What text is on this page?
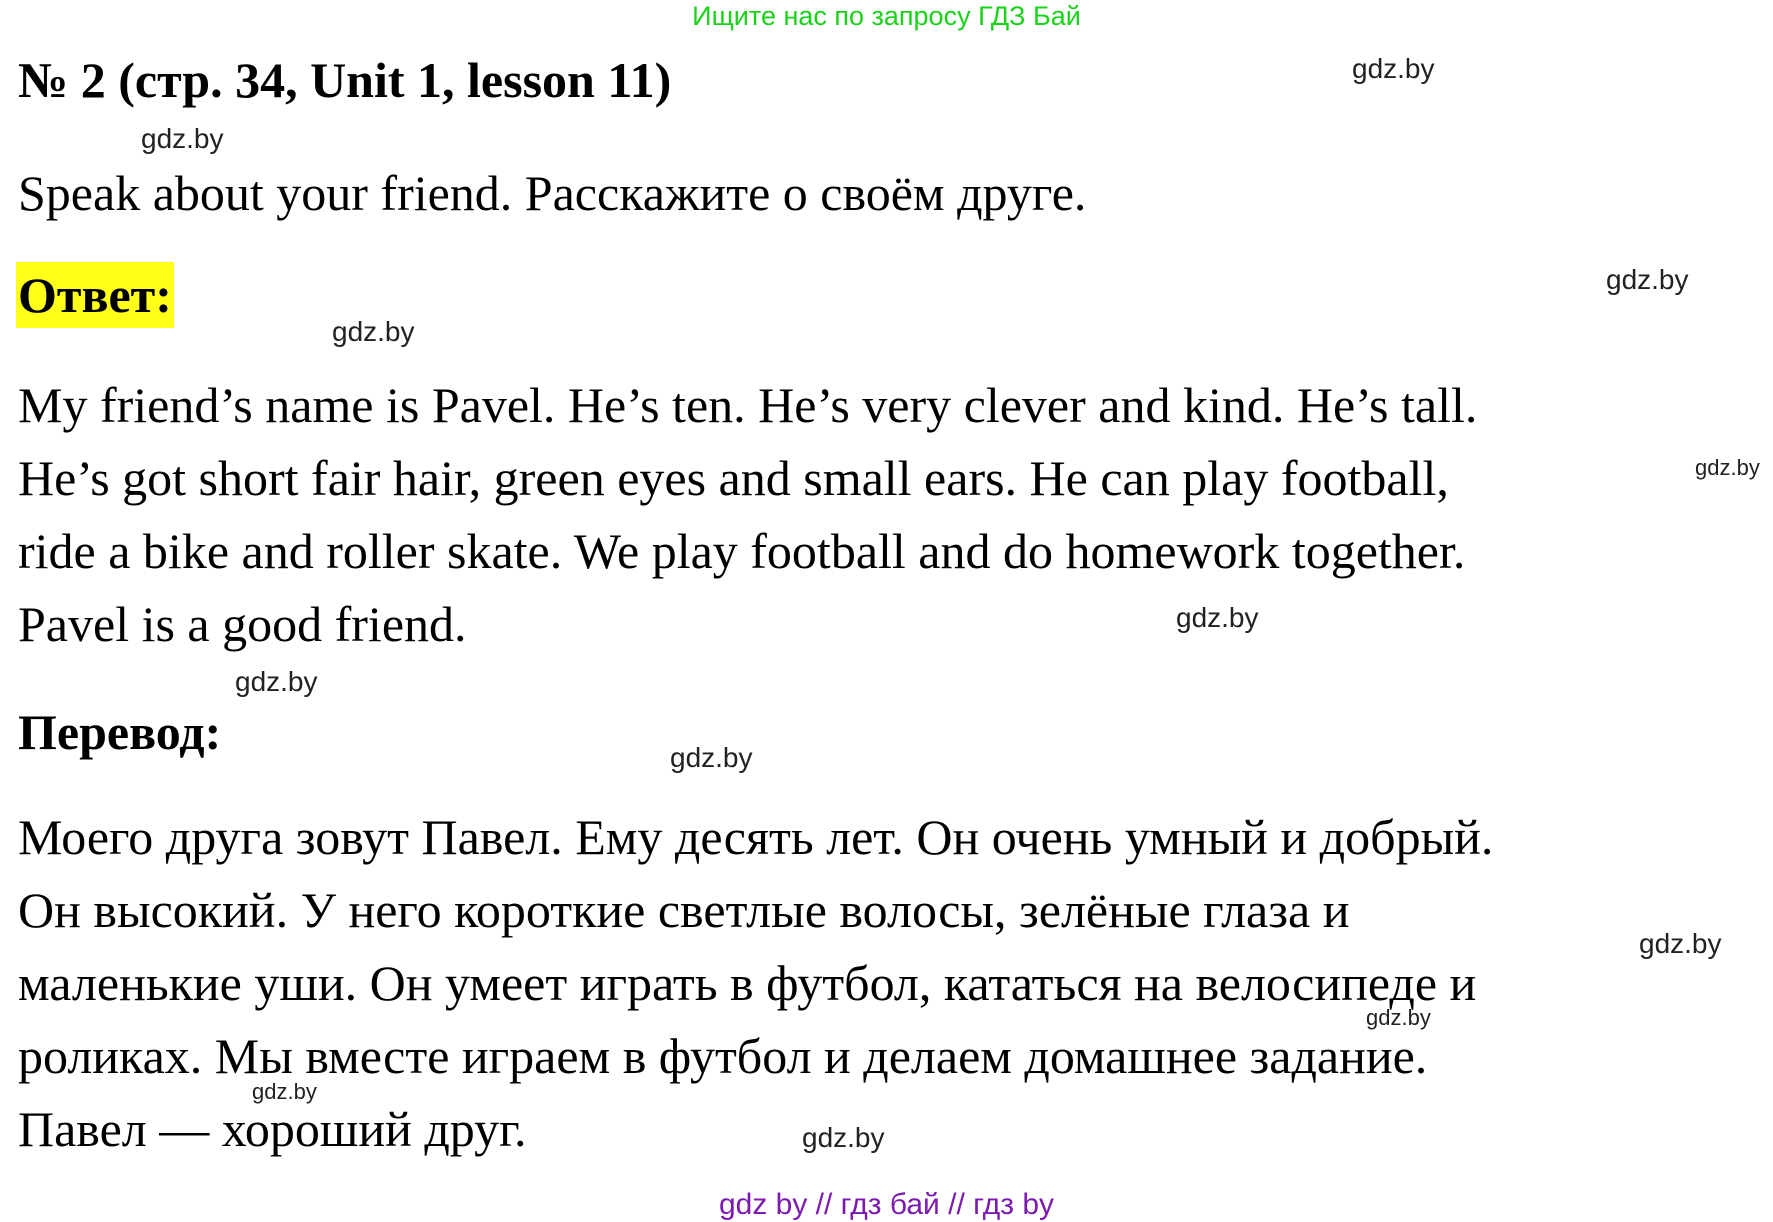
Ищите нас по запросу ГДЗ Бай
№ 2 (стр. 34, Unit 1, lesson 11)

Speak about your friend. Расскажите о своём друге.

Ответ:
My friend’s name is Pavel. He’s ten. He’s very clever and kind. He’s tall.
He’s got short fair hair, green eyes and small ears. He can play football,
ride a bike and roller skate. We play football and do homework together.
Pavel is a good friend.
Перевод:
Моего друга зовут Павел. Ему десять лет. Он очень умный и добрый.
Он высокий. У него короткие светлые волосы, зелёные глаза и
маленькие уши. Он умеет играть в футбол, кататься на велосипеде и
роликах. Мы вместе играем в футбол и делаем домашнее задание.
Павел — хороший друг.
gdz.by
gdz.by
gdz.by
gdz.by
gdz.by
gdz.by
gdz.by
gdz.by
gdz.by
gdz.by
gdz.by
gdz.by
gdz by // гдз бай // гдз by
